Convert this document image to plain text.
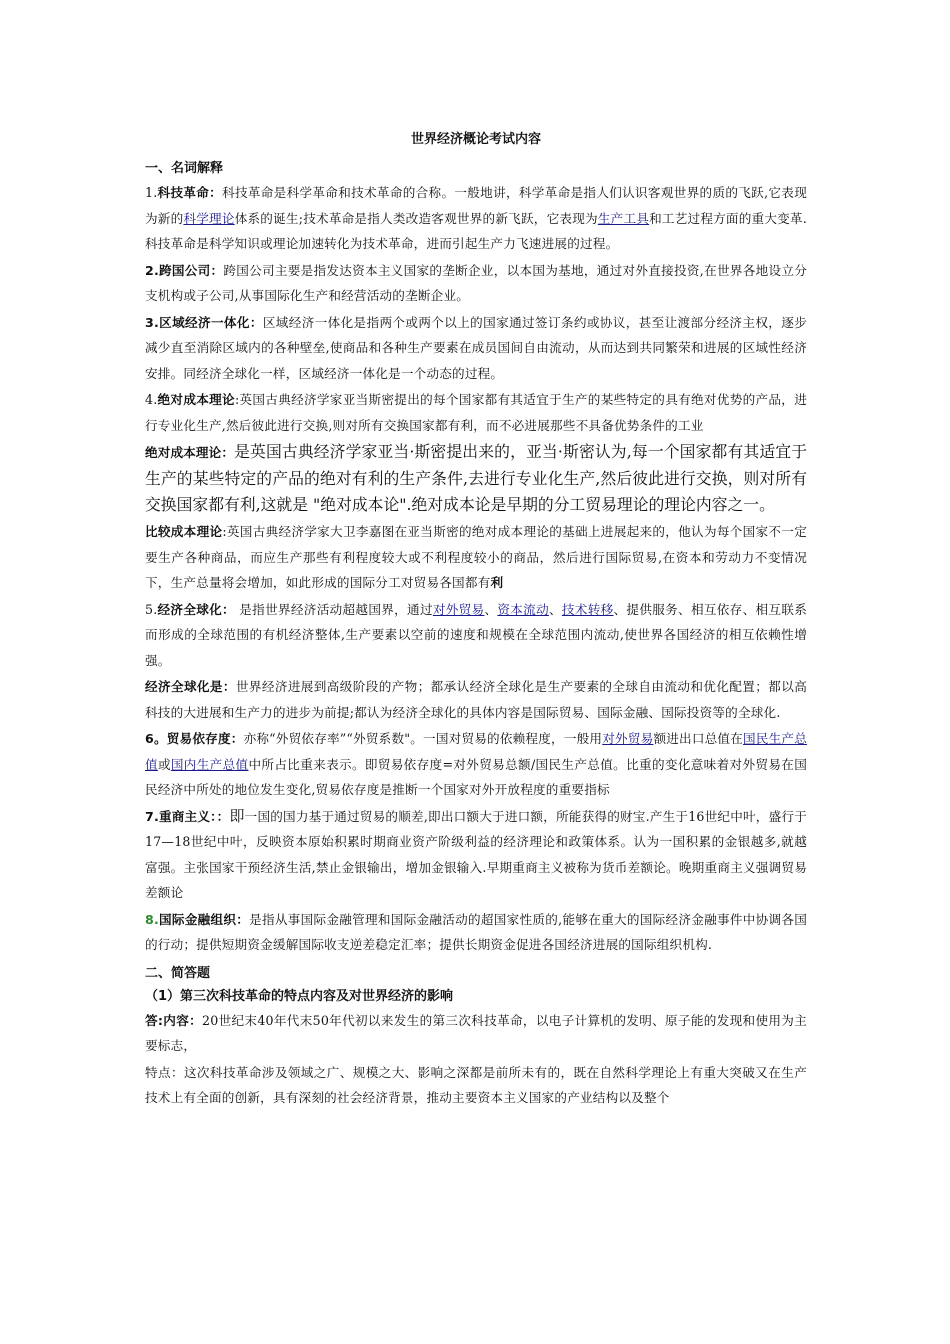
世界经济概论考试内容
一、名词解释
1.科技革命：科技革命是科学革命和技术革命的合称。一般地讲，科学革命是指人们认识客观世界的质的飞跃,它表现为新的科学理论体系的诞生;技术革命是指人类改造客观世界的新飞跃，它表现为生产工具和工艺过程方面的重大变革.科技革命是科学知识或理论加速转化为技术革命，进而引起生产力飞速进展的过程。
2.跨国公司：跨国公司主要是指发达资本主义国家的垄断企业，以本国为基地，通过对外直接投资,在世界各地设立分支机构或子公司,从事国际化生产和经营活动的垄断企业。
3.区域经济一体化：区域经济一体化是指两个或两个以上的国家通过签订条约或协议，甚至让渡部分经济主权，逐步减少直至消除区域内的各种壁垒,使商品和各种生产要素在成员国间自由流动，从而达到共同繁荣和进展的区域性经济安排。同经济全球化一样，区域经济一体化是一个动态的过程。
4.绝对成本理论:英国古典经济学家亚当斯密提出的每个国家都有其适宜于生产的某些特定的具有绝对优势的产品，进行专业化生产,然后彼此进行交换,则对所有交换国家都有利，而不必进展那些不具备优势条件的工业
绝对成本理论：是英国古典经济学家亚当·斯密提出来的，亚当·斯密认为,每一个国家都有其适宜于生产的某些特定的产品的绝对有利的生产条件,去进行专业化生产,然后彼此进行交换，则对所有交换国家都有利,这就是 "绝对成本论".绝对成本论是早期的分工贸易理论的理论内容之一。
比较成本理论:英国古典经济学家大卫李嘉图在亚当斯密的绝对成本理论的基础上进展起来的，他认为每个国家不一定要生产各种商品，而应生产那些有利程度较大或不利程度较小的商品，然后进行国际贸易,在资本和劳动力不变情况下，生产总量将会增加，如此形成的国际分工对贸易各国都有利
5.经济全球化： 是指世界经济活动超越国界，通过对外贸易、资本流动、技术转移、提供服务、相互依存、相互联系而形成的全球范围的有机经济整体,生产要素以空前的速度和规模在全球范围内流动,使世界各国经济的相互依赖性增强。
经济全球化是：世界经济进展到高级阶段的产物；都承认经济全球化是生产要素的全球自由流动和优化配置；都以高科技的大进展和生产力的进步为前提;都认为经济全球化的具体内容是国际贸易、国际金融、国际投资等的全球化.
6。贸易依存度：亦称“外贸依存率”“外贸系数"。一国对贸易的依赖程度，一般用对外贸易额进出口总值在国民生产总值或国内生产总值中所占比重来表示。即贸易依存度=对外贸易总额/国民生产总值。比重的变化意味着对外贸易在国民经济中所处的地位发生变化,贸易依存度是推断一个国家对外开放程度的重要指标
7.重商主义：：即一国的国力基于通过贸易的顺差,即出口额大于进口额，所能获得的财宝.产生于16世纪中叶，盛行于17—18世纪中叶，反映资本原始积累时期商业资产阶级利益的经济理论和政策体系。认为一国积累的金银越多,就越富强。主张国家干预经济生活,禁止金银输出，增加金银输入.早期重商主义被称为货币差额论。晚期重商主义强调贸易差额论
8.国际金融组织：是指从事国际金融管理和国际金融活动的超国家性质的,能够在重大的国际经济金融事件中协调各国的行动；提供短期资金缓解国际收支逆差稳定汇率；提供长期资金促进各国经济进展的国际组织机构.
二、简答题
（1）第三次科技革命的特点内容及对世界经济的影响
答:内容：20世纪末40年代末50年代初以来发生的第三次科技革命，以电子计算机的发明、原子能的发现和使用为主要标志，
特点：这次科技革命涉及领域之广、规模之大、影响之深都是前所未有的，既在自然科学理论上有重大突破又在生产技术上有全面的创新，具有深刻的社会经济背景，推动主要资本主义国家的产业结构以及整个
